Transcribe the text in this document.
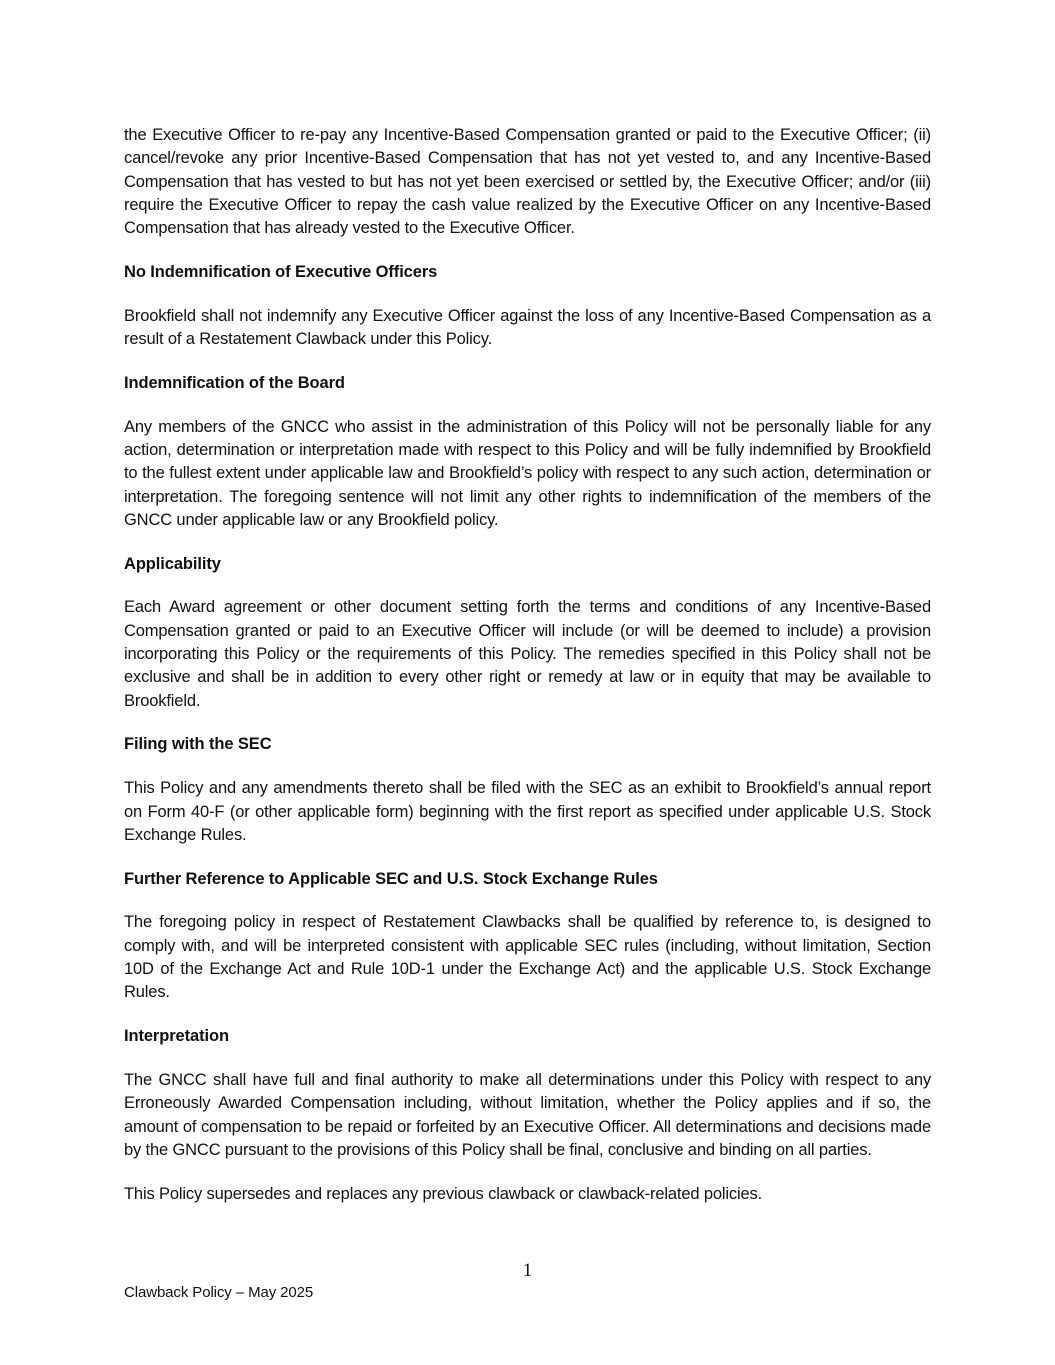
the Executive Officer to re-pay any Incentive-Based Compensation granted or paid to the Executive Officer; (ii) cancel/revoke any prior Incentive-Based Compensation that has not yet vested to, and any Incentive-Based Compensation that has vested to but has not yet been exercised or settled by, the Executive Officer; and/or (iii) require the Executive Officer to repay the cash value realized by the Executive Officer on any Incentive-Based Compensation that has already vested to the Executive Officer.

No Indemnification of Executive Officers

Brookfield shall not indemnify any Executive Officer against the loss of any Incentive-Based Compensation as a result of a Restatement Clawback under this Policy.

Indemnification of the Board

Any members of the GNCC who assist in the administration of this Policy will not be personally liable for any action, determination or interpretation made with respect to this Policy and will be fully indemnified by Brookfield to the fullest extent under applicable law and Brookfield’s policy with respect to any such action, determination or interpretation. The foregoing sentence will not limit any other rights to indemnification of the members of the GNCC under applicable law or any Brookfield policy.

Applicability

Each Award agreement or other document setting forth the terms and conditions of any Incentive-Based Compensation granted or paid to an Executive Officer will include (or will be deemed to include) a provision incorporating this Policy or the requirements of this Policy. The remedies specified in this Policy shall not be exclusive and shall be in addition to every other right or remedy at law or in equity that may be available to Brookfield.

Filing with the SEC

This Policy and any amendments thereto shall be filed with the SEC as an exhibit to Brookfield’s annual report on Form 40-F (or other applicable form) beginning with the first report as specified under applicable U.S. Stock Exchange Rules.

Further Reference to Applicable SEC and U.S. Stock Exchange Rules

The foregoing policy in respect of Restatement Clawbacks shall be qualified by reference to, is designed to comply with, and will be interpreted consistent with applicable SEC rules (including, without limitation, Section 10D of the Exchange Act and Rule 10D-1 under the Exchange Act) and the applicable U.S. Stock Exchange Rules.

Interpretation

The GNCC shall have full and final authority to make all determinations under this Policy with respect to any Erroneously Awarded Compensation including, without limitation, whether the Policy applies and if so, the amount of compensation to be repaid or forfeited by an Executive Officer. All determinations and decisions made by the GNCC pursuant to the provisions of this Policy shall be final, conclusive and binding on all parties.

This Policy supersedes and replaces any previous clawback or clawback-related policies.

1
Clawback Policy – May 2025
